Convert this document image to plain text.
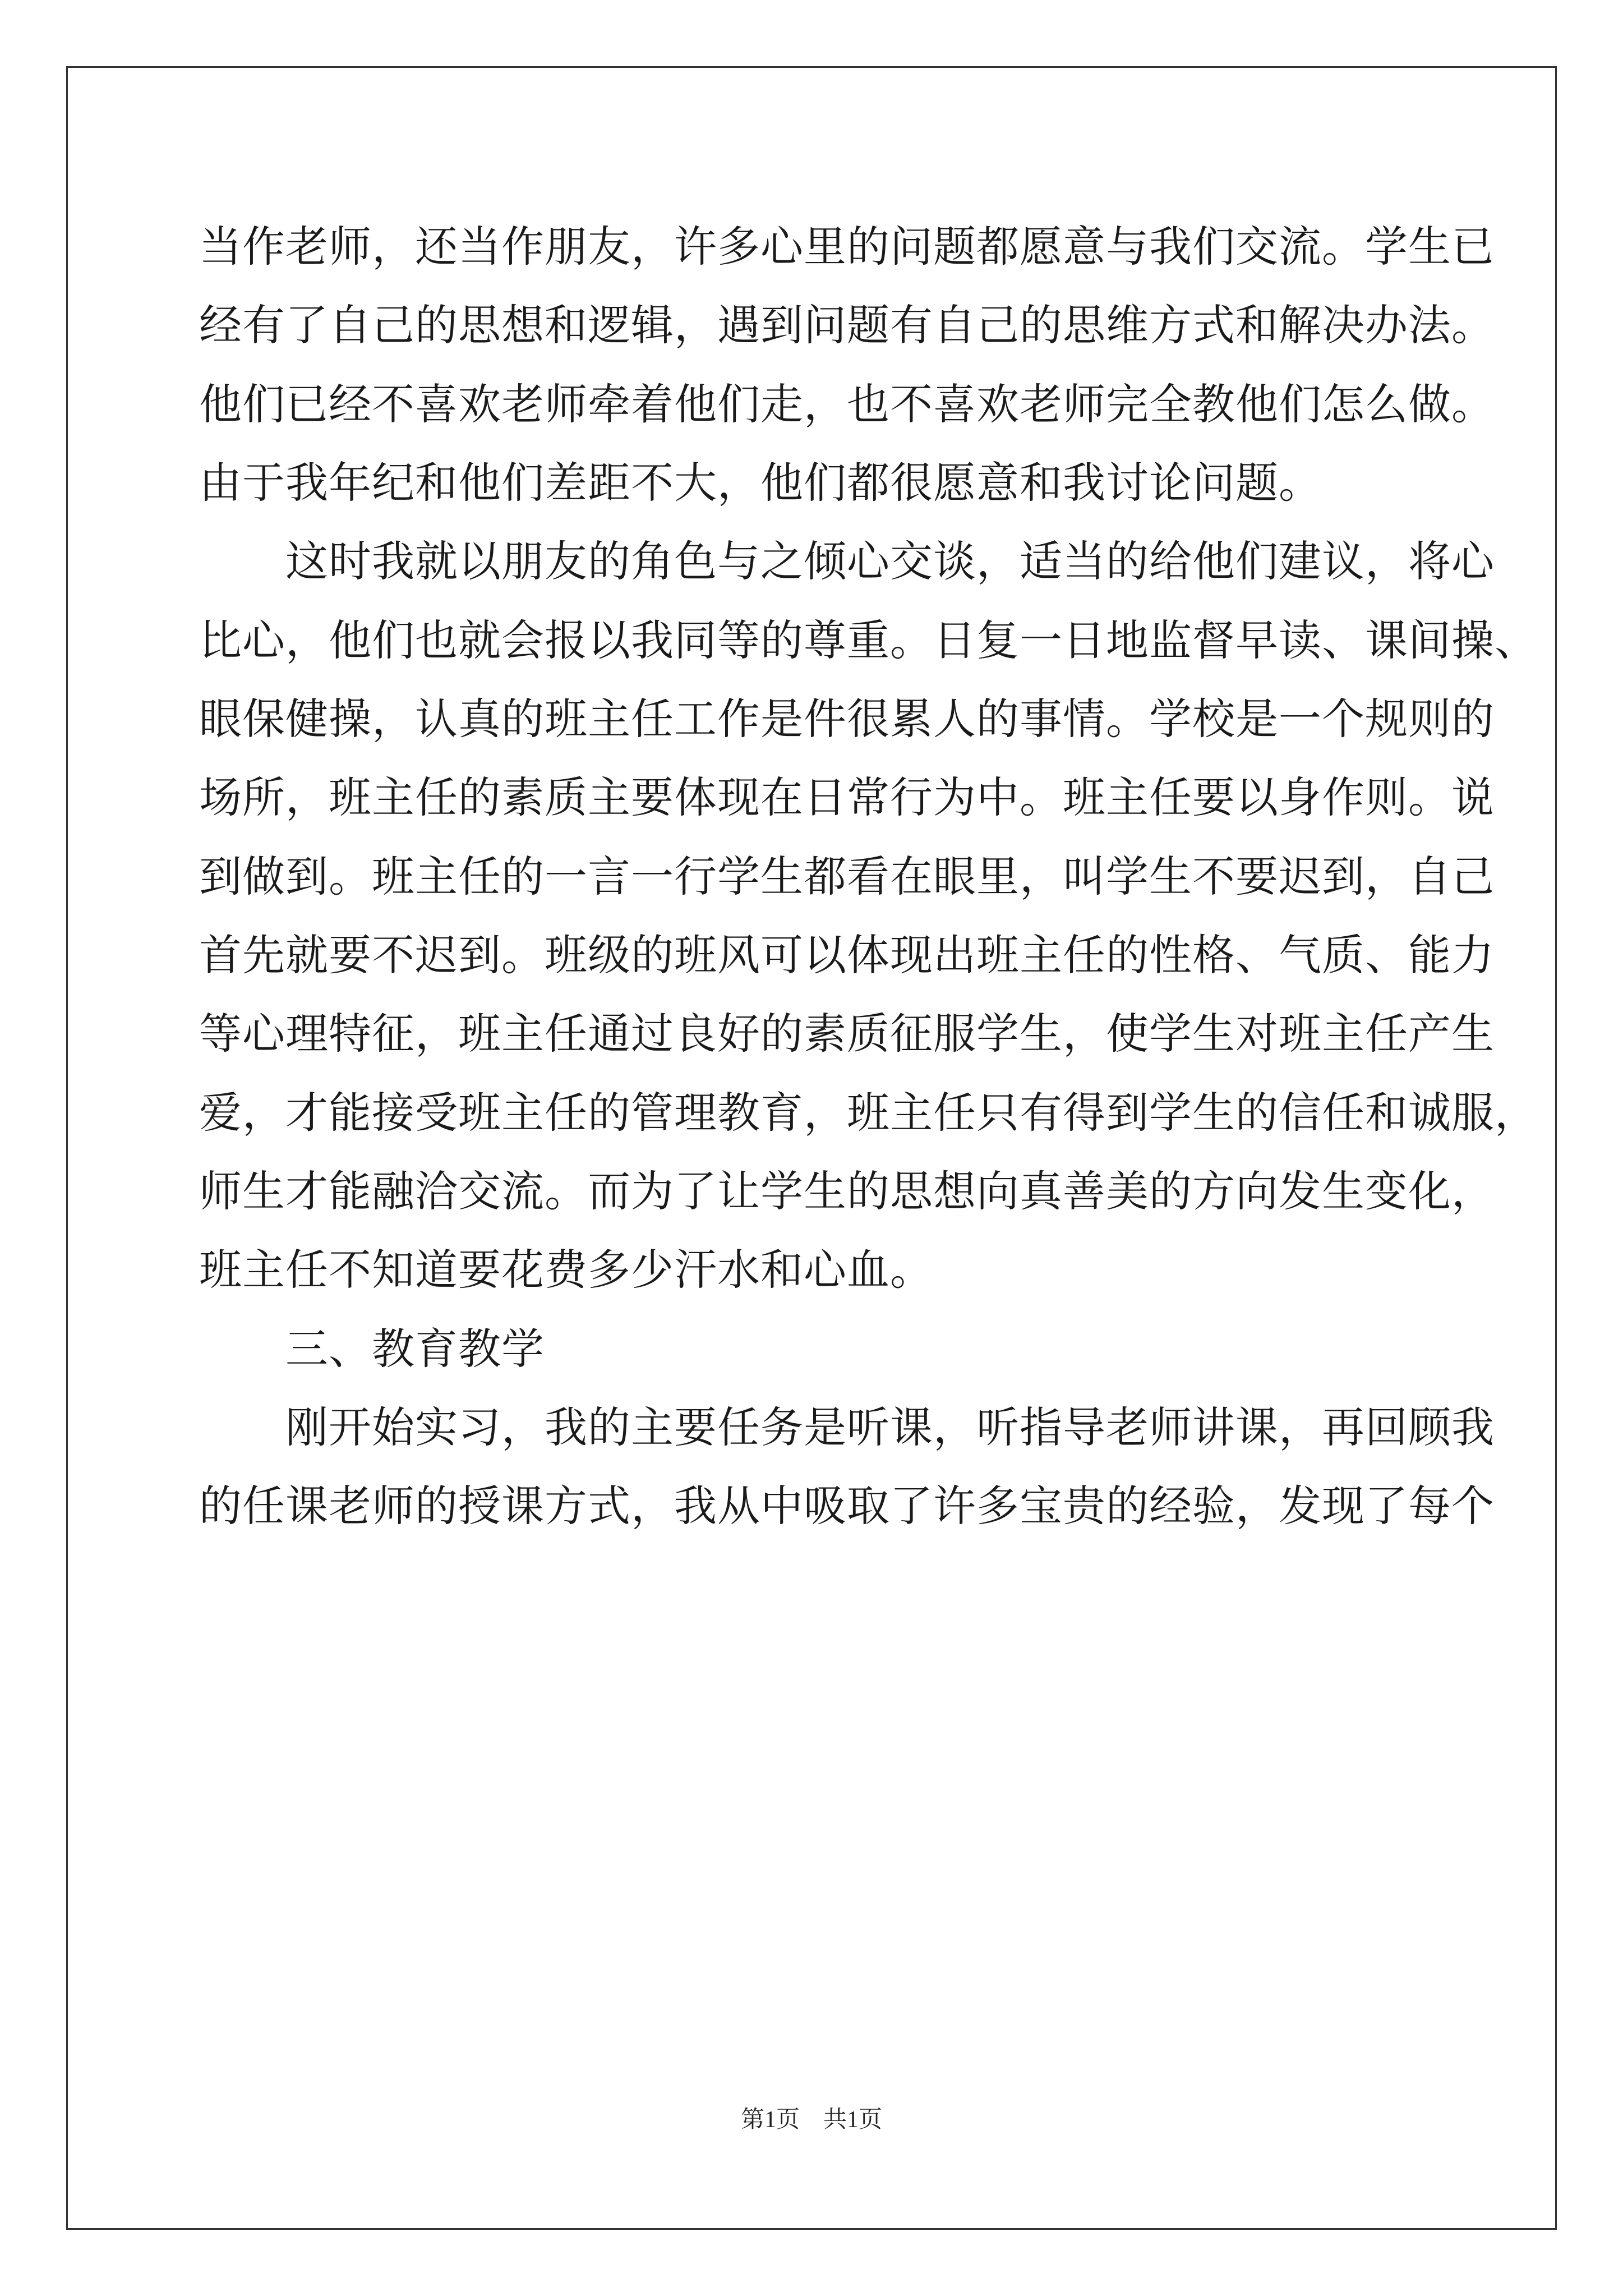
当作老师，还当作朋友，许多心里的问题都愿意与我们交流。学生已
经有了自己的思想和逻辑，遇到问题有自己的思维方式和解决办法。
他们已经不喜欢老师牵着他们走，也不喜欢老师完全教他们怎么做。
由于我年纪和他们差距不大，他们都很愿意和我讨论问题。
　　这时我就以朋友的角色与之倾心交谈，适当的给他们建议，将心
比心，他们也就会报以我同等的尊重。日复一日地监督早读、课间操、
眼保健操，认真的班主任工作是件很累人的事情。学校是一个规则的
场所，班主任的素质主要体现在日常行为中。班主任要以身作则。说
到做到。班主任的一言一行学生都看在眼里，叫学生不要迟到，自己
首先就要不迟到。班级的班风可以体现出班主任的性格、气质、能力
等心理特征，班主任通过良好的素质征服学生，使学生对班主任产生
爱，才能接受班主任的管理教育，班主任只有得到学生的信任和诚服，
师生才能融洽交流。而为了让学生的思想向真善美的方向发生变化，
班主任不知道要花费多少汗水和心血。
　　三、教育教学
　　刚开始实习，我的主要任务是听课，听指导老师讲课，再回顾我
的任课老师的授课方式，我从中吸取了许多宝贵的经验，发现了每个
第1页　共1页
